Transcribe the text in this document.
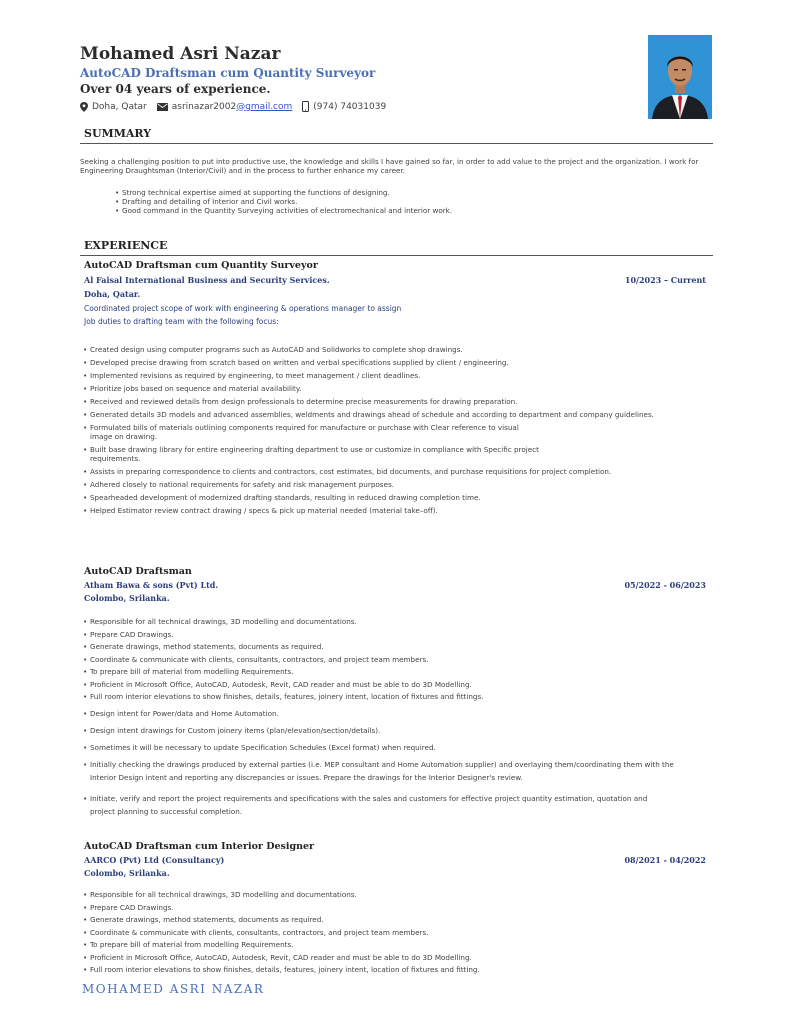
Mohamed Asri Nazar
AutoCAD Draftsman cum Quantity Surveyor
Over 04 years of experience.
Doha, Qatar	asrinazar2002 @gmail.com (974) 74031039
SUMMARY
Seeking a challenging position to put into productive use, the knowledge and skills I have gained so far, in order to add value to the project and the organization. I work for Engineering Draughtsman (Interior/Civil) and in the process to further enhance my career.
• Strong technical expertise aimed at supporting the functions of designing.
• Drafting and detailing of Interior and Civil works.
• Good command in the Quantity Surveying activities of electromechanical and interior work.
EXPERIENCE
AutoCAD Draftsman cum Quantity Surveyor
Al Faisal International Business and Security Services.	10/2023 – Current
Doha, Qatar.
Coordinated project scope of work with engineering & operations manager to assign
Job duties to drafting team with the following focus:
• Created design using computer programs such as AutoCAD and Solidworks to complete shop drawings.
• Developed precise drawing from scratch based on written and verbal specifications supplied by client / engineering.
• Implemented revisions as required by engineering, to meet management / client deadlines.
• Prioritize jobs based on sequence and material availability.
• Received and reviewed details from design professionals to determine precise measurements for drawing preparation.
• Generated details 3D models and advanced assemblies, weldments and drawings ahead of schedule and according to department and company guidelines.
• Formulated bills of materials outlining components required for manufacture or purchase with Clear reference to visual image on drawing.
• Built base drawing library for entire engineering drafting department to use or customize in compliance with Specific project requirements.
• Assists in preparing correspondence to clients and contractors, cost estimates, bid documents, and purchase requisitions for project completion.
• Adhered closely to national requirements for safety and risk management purposes.
• Spearheaded development of modernized drafting standards, resulting in reduced drawing completion time.
• Helped Estimator review contract drawing / specs & pick up material needed (material take–off).
AutoCAD Draftsman
Atham Bawa & sons (Pvt) Ltd.	05/2022 - 06/2023
Colombo, Srilanka.
• Responsible for all technical drawings, 3D modelling and documentations.
• Prepare CAD Drawings.
• Generate drawings, method statements, documents as required.
• Coordinate & communicate with clients, consultants, contractors, and project team members.
• To prepare bill of material from modelling Requirements.
• Proficient in Microsoft Office, AutoCAD, Autodesk, Revit, CAD reader and must be able to do 3D Modelling.
• Full room interior elevations to show finishes, details, features, joinery intent, location of fixtures and fittings.
• Design intent for Power/data and Home Automation.
• Design intent drawings for Custom joinery items (plan/elevation/section/details).
• Sometimes it will be necessary to update Specification Schedules (Excel format) when required.
• Initially checking the drawings produced by external parties (i.e. MEP consultant and Home Automation supplier) and overlaying them/coordinating them with the Interior Design intent and reporting any discrepancies or issues. Prepare the drawings for the Interior Designer's review.
• Initiate, verify and report the project requirements and specifications with the sales and customers for effective project quantity estimation, quotation and project planning to successful completion.
AutoCAD Draftsman cum Interior Designer
AARCO (Pvt) Ltd (Consultancy)	08/2021 - 04/2022
Colombo, Srilanka.
• Responsible for all technical drawings, 3D modelling and documentations.
• Prepare CAD Drawings.
• Generate drawings, method statements, documents as required.
• Coordinate & communicate with clients, consultants, contractors, and project team members.
• To prepare bill of material from modelling Requirements.
• Proficient in Microsoft Office, AutoCAD, Autodesk, Revit, CAD reader and must be able to do 3D Modelling.
• Full room interior elevations to show finishes, details, features, joinery intent, location of fixtures and fitting.
MOHAMED ASRI NAZAR
